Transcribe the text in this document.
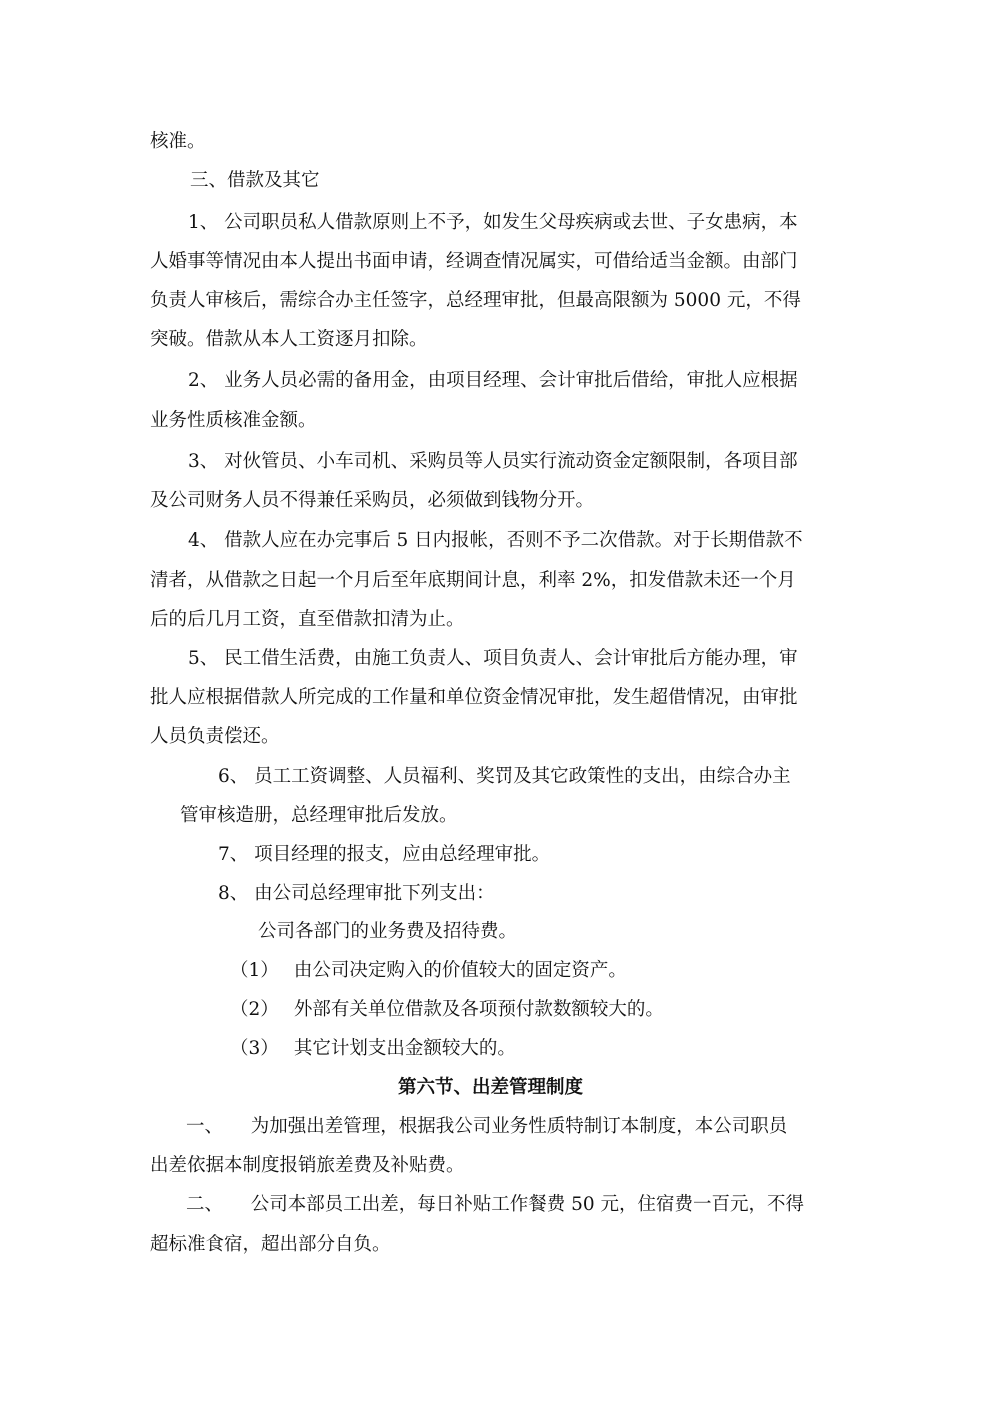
核准。
三、借款及其它
1、 公司职员私人借款原则上不予，如发生父母疾病或去世、子女患病，本
人婚事等情况由本人提出书面申请，经调查情况属实，可借给适当金额。由部门
负责人审核后，需综合办主任签字，总经理审批，但最高限额为 5000 元，不得
突破。借款从本人工资逐月扣除。
2、 业务人员必需的备用金，由项目经理、会计审批后借给，审批人应根据
业务性质核准金额。
3、 对伙管员、小车司机、采购员等人员实行流动资金定额限制，各项目部
及公司财务人员不得兼任采购员，必须做到钱物分开。
4、 借款人应在办完事后 5 日内报帐，否则不予二次借款。对于长期借款不
清者，从借款之日起一个月后至年底期间计息，利率 2%，扣发借款未还一个月
后的后几月工资，直至借款扣清为止。
5、 民工借生活费，由施工负责人、项目负责人、会计审批后方能办理，审
批人应根据借款人所完成的工作量和单位资金情况审批，发生超借情况，由审批
人员负责偿还。
6、 员工工资调整、人员福利、奖罚及其它政策性的支出，由综合办主
管审核造册，总经理审批后发放。
7、 项目经理的报支，应由总经理审批。
8、 由公司总经理审批下列支出：
公司各部门的业务费及招待费。
（1）　 由公司决定购入的价值较大的固定资产。
（2）　 外部有关单位借款及各项预付款数额较大的。
（3）　 其它计划支出金额较大的。
第六节、出差管理制度
一、　　为加强出差管理，根据我公司业务性质特制订本制度，本公司职员
出差依据本制度报销旅差费及补贴费。
二、　　公司本部员工出差，每日补贴工作餐费 50 元，住宿费一百元，不得
超标准食宿，超出部分自负。
